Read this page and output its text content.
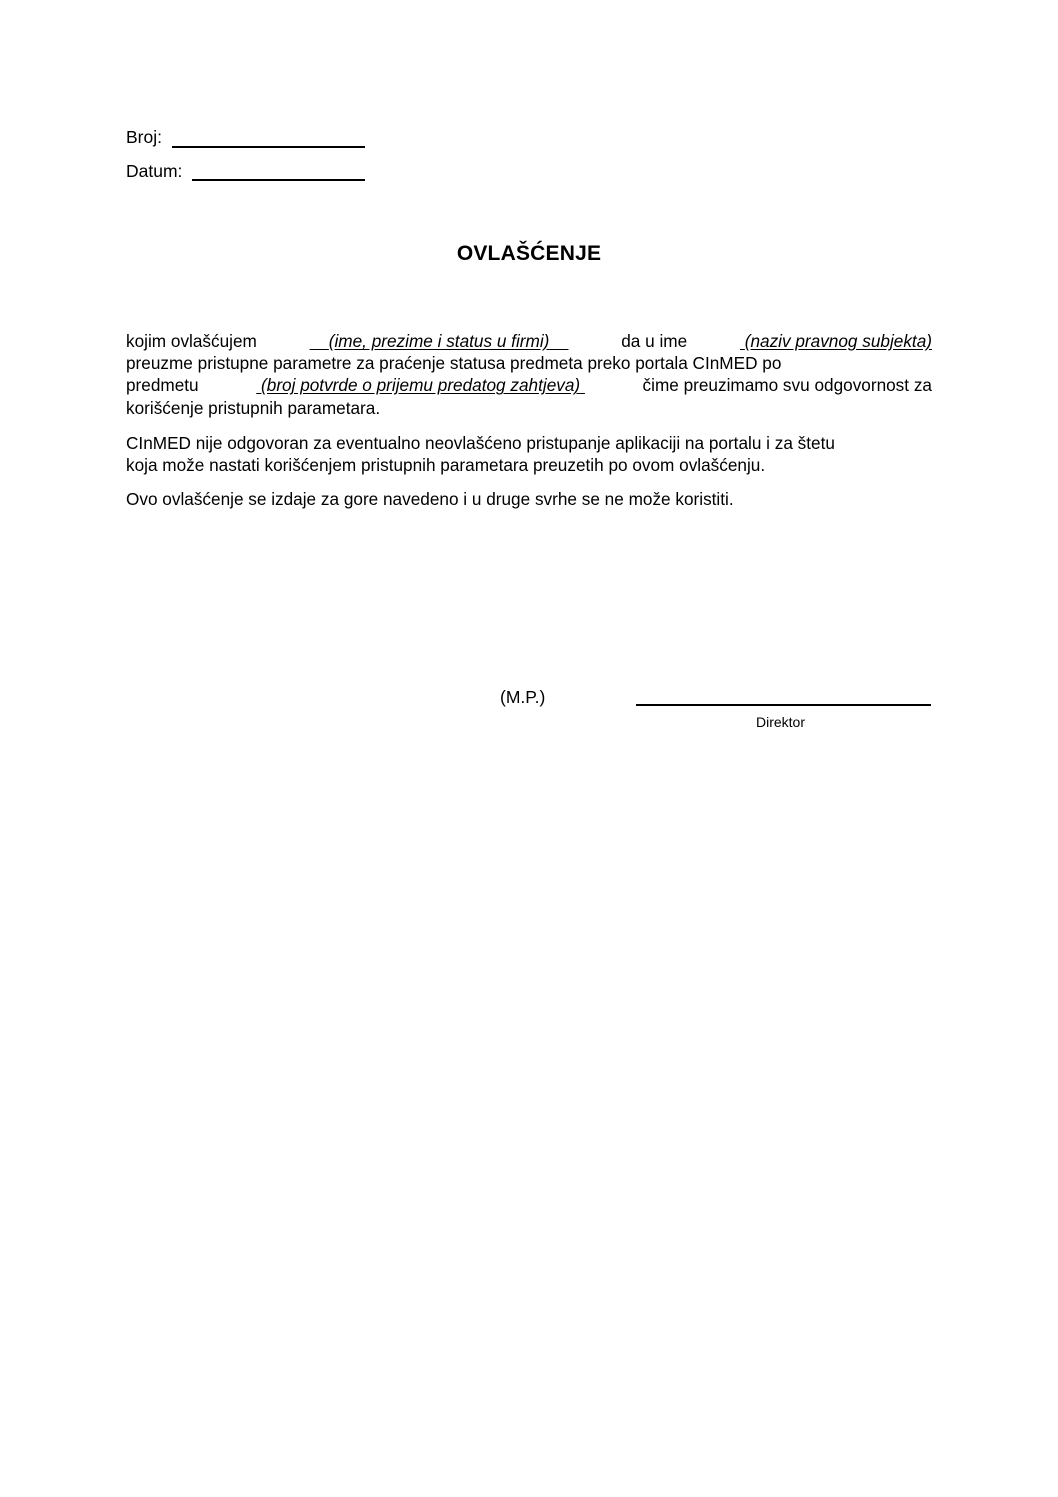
Broj:
Datum:
OVLAŠĆENJE
kojim ovlašćujem	(ime, prezime i status u firmi)	da u ime	(naziv pravnog subjekta)
preuzme pristupne parametre za praćenje statusa predmeta preko portala CInMED po
predmetu	(broj potvrde o prijemu predatog zahtjeva)	čime preuzimamo svu odgovornost za
korišćenje pristupnih parametara.
CInMED nije odgovoran za eventualno neovlašćeno pristupanje aplikaciji na portalu i za štetu
koja može nastati korišćenjem pristupnih parametara preuzetih po ovom ovlašćenju.
Ovo ovlašćenje se izdaje za gore navedeno i u druge svrhe se ne može koristiti.
(M.P.)
Direktor
